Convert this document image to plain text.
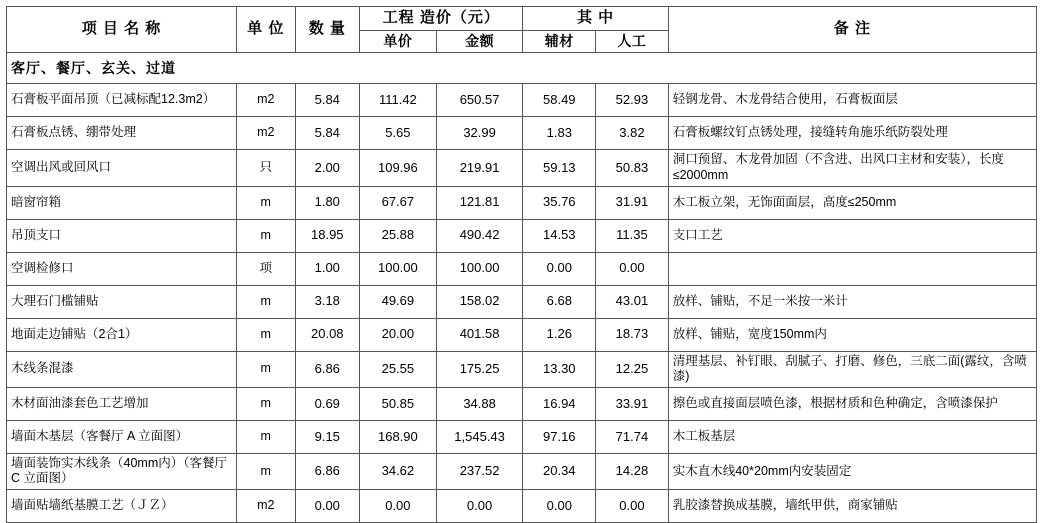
项 目 名 称	单 位	数 量	工程 造价（元）		其 中		备 注
			单价	金额	辅材	人工	
客厅、餐厅、玄关、过道							
石膏板平面吊顶（已减标配12.3m2）	m2	5.84	111.42	650.57	58.49	52.93	轻钢龙骨、木龙骨结合使用，石膏板面层
石膏板点锈、绷带处理	m2	5.84	5.65	32.99	1.83	3.82	石膏板螺纹钉点锈处理，接缝转角施乐纸防裂处理
空调出风或回风口	只	2.00	109.96	219.91	59.13	50.83	洞口预留、木龙骨加固（不含进、出风口主材和安装），长度≤2000mm
暗窗帘箱	m	1.80	67.67	121.81	35.76	31.91	木工板立架，无饰面面层，高度≤250mm
吊顶支口	m	18.95	25.88	490.42	14.53	11.35	支口工艺
空调检修口	项	1.00	100.00	100.00	0.00	0.00	
大理石门槛铺贴	m	3.18	49.69	158.02	6.68	43.01	放样、铺贴，不足一米按一米计
地面走边铺贴（2合1）	m	20.08	20.00	401.58	1.26	18.73	放样、铺贴，宽度150mm内
木线条混漆	m	6.86	25.55	175.25	13.30	12.25	清理基层、补钉眼、刮腻子、打磨、修色，三底二面(露纹，含喷漆)
木材面油漆套色工艺增加	m	0.69	50.85	34.88	16.94	33.91	擦色或直接面层喷色漆，根据材质和色种确定，含喷漆保护
墙面木基层（客餐厅 A 立面图）	m	9.15	168.90	1,545.43	97.16	71.74	木工板基层
墙面装饰实木线条（40mm内）（客餐厅C 立面图）	m	6.86	34.62	237.52	20.34	14.28	实木直木线40*20mm内安装固定
墙面贴墙纸基膜工艺（ＪＺ）	m2	0.00	0.00	0.00	0.00	0.00	乳胶漆替换成基膜，墙纸甲供，商家铺贴
